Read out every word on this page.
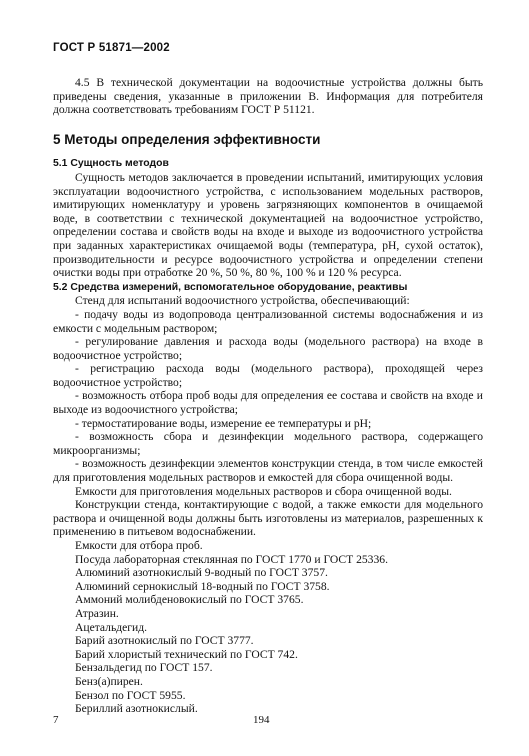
ГОСТ Р 51871—2002

4.5 В технической документации на водоочистные устройства должны быть приведены сведения, указанные в приложении В. Информация для потребителя должна соответствовать требованиям ГОСТ Р 51121.

5 Методы определения эффективности

5.1 Сущность методов

Сущность методов заключается в проведении испытаний, имитирующих условия эксплуатации водоочистного устройства, с использованием модельных растворов, имитирующих номенклатуру и уровень загрязняющих компонентов в очищаемой воде, в соответствии с технической документацией на водоочистное устройство, определении состава и свойств воды на входе и выходе из водоочистного устройства при заданных характеристиках очищаемой воды (температура, pH, сухой остаток), производительности и ресурсе водоочистного устройства и определении степени очистки воды при отработке 20 %, 50 %, 80 %, 100 % и 120 % ресурса.

5.2 Средства измерений, вспомогательное оборудование, реактивы

Стенд для испытаний водоочистного устройства, обеспечивающий:

- подачу воды из водопровода централизованной системы водоснабжения и из емкости с модельным раствором;

- регулирование давления и расхода воды (модельного раствора) на входе в водоочистное устройство;

- регистрацию расхода воды (модельного раствора), проходящей через водоочистное устройство;

- возможность отбора проб воды для определения ее состава и свойств на входе и выходе из водоочистного устройства;

- термостатирование воды, измерение ее температуры и pH;

- возможность сбора и дезинфекции модельного раствора, содержащего микроорганизмы;

- возможность дезинфекции элементов конструкции стенда, в том числе емкостей для приготовления модельных растворов и емкостей для сбора очищенной воды.

Емкости для приготовления модельных растворов и сбора очищенной воды.

Конструкции стенда, контактирующие с водой, а также емкости для модельного раствора и очищенной воды должны быть изготовлены из материалов, разрешенных к применению в питьевом водоснабжении.

Емкости для отбора проб.

Посуда лабораторная стеклянная по ГОСТ 1770 и ГОСТ 25336.

Алюминий азотнокислый 9-водный по ГОСТ 3757.

Алюминий сернокислый 18-водный по ГОСТ 3758.

Аммоний молибденовокислый по ГОСТ 3765.

Атразин.

Ацетальдегид.

Барий азотнокислый по ГОСТ 3777.

Барий хлористый технический по ГОСТ 742.

Бензальдегид по ГОСТ 157.

Бенз(а)пирен.

Бензол по ГОСТ 5955.

Бериллий азотнокислый.

7	194
